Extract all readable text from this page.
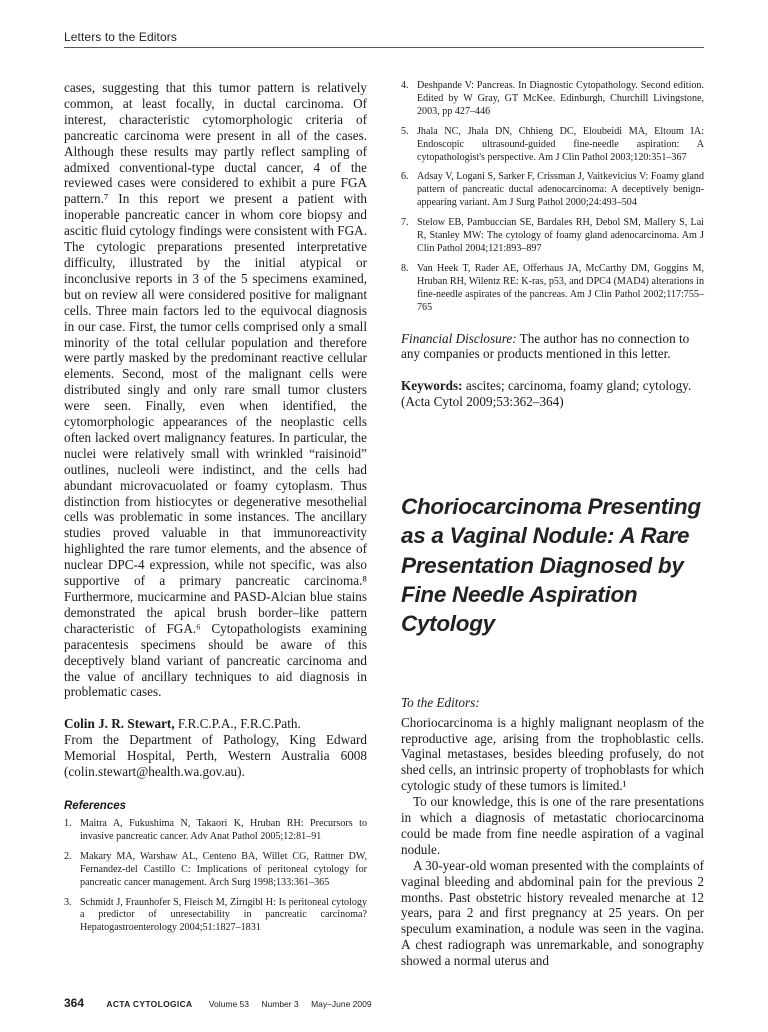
Letters to the Editors

cases, suggesting that this tumor pattern is relatively common, at least focally, in ductal carcinoma. Of interest, characteristic cytomorphologic criteria of pancreatic carcinoma were present in all of the cases. Although these results may partly reflect sampling of admixed conventional-type ductal cancer, 4 of the reviewed cases were considered to exhibit a pure FGA pattern.⁷ In this report we present a patient with inoperable pancreatic cancer in whom core biopsy and ascitic fluid cytology findings were consistent with FGA. The cytologic preparations presented interpretative difficulty, illustrated by the initial atypical or inconclusive reports in 3 of the 5 specimens examined, but on review all were considered positive for malignant cells. Three main factors led to the equivocal diagnosis in our case. First, the tumor cells comprised only a small minority of the total cellular population and therefore were partly masked by the predominant reactive cellular elements. Second, most of the malignant cells were distributed singly and only rare small tumor clusters were seen. Finally, even when identified, the cytomorphologic appearances of the neoplastic cells often lacked overt malignancy features. In particular, the nuclei were relatively small with wrinkled “raisinoid” outlines, nucleoli were indistinct, and the cells had abundant microvacuolated or foamy cytoplasm. Thus distinction from histiocytes or degenerative mesothelial cells was problematic in some instances. The ancillary studies proved valuable in that immunoreactivity highlighted the rare tumor elements, and the absence of nuclear DPC-4 expression, while not specific, was also supportive of a primary pancreatic carcinoma.⁸ Furthermore, mucicarmine and PASD-Alcian blue stains demonstrated the apical brush border–like pattern characteristic of FGA.⁶ Cytopathologists examining paracentesis specimens should be aware of this deceptively bland variant of pancreatic carcinoma and the value of ancillary techniques to aid diagnosis in problematic cases.

Colin J. R. Stewart, F.R.C.P.A., F.R.C.Path.

From the Department of Pathology, King Edward Memorial Hospital, Perth, Western Australia 6008 (colin.stewart@health.wa.gov.au).
References
1. Maitra A, Fukushima N, Takaori K, Hruban RH: Precursors to invasive pancreatic cancer. Adv Anat Pathol 2005;12:81–91
2. Makary MA, Warshaw AL, Centeno BA, Willet CG, Rattner DW, Fernandez-del Castillo C: Implications of peritoneal cytology for pancreatic cancer management. Arch Surg 1998;133:361–365
3. Schmidt J, Fraunhofer S, Fleisch M, Zirngibl H: Is peritoneal cytology a predictor of unresectability in pancreatic carcinoma? Hepatogastroenterology 2004;51:1827–1831
4. Deshpande V: Pancreas. In Diagnostic Cytopathology. Second edition. Edited by W Gray, GT McKee. Edinburgh, Churchill Livingstone, 2003, pp 427–446
5. Jhala NC, Jhala DN, Chhieng DC, Eloubeidi MA, Eltoum IA: Endoscopic ultrasound-guided fine-needle aspiration: A cytopathologist's perspective. Am J Clin Pathol 2003;120:351–367
6. Adsay V, Logani S, Sarker F, Crissman J, Vaitkevicius V: Foamy gland pattern of pancreatic ductal adenocarcinoma: A deceptively benign-appearing variant. Am J Surg Pathol 2000;24:493–504
7. Stelow EB, Pambuccian SE, Bardales RH, Debol SM, Mallery S, Lai R, Stanley MW: The cytology of foamy gland adenocarcinoma. Am J Clin Pathol 2004;121:893–897
8. Van Heek T, Rader AE, Offerhaus JA, McCarthy DM, Goggins M, Hruban RH, Wilentz RE: K-ras, p53, and DPC4 (MAD4) alterations in fine-needle aspirates of the pancreas. Am J Clin Pathol 2002;117:755–765

Financial Disclosure: The author has no connection to any companies or products mentioned in this letter.

Keywords: ascites; carcinoma, foamy gland; cytology. (Acta Cytol 2009;53:362–364)

Choriocarcinoma Presenting as a Vaginal Nodule: A Rare Presentation Diagnosed by Fine Needle Aspiration Cytology

To the Editors:

Choriocarcinoma is a highly malignant neoplasm of the reproductive age, arising from the trophoblastic cells. Vaginal metastases, besides bleeding profusely, do not shed cells, an intrinsic property of trophoblasts for which cytologic study of these tumors is limited.¹

To our knowledge, this is one of the rare presentations in which a diagnosis of metastatic choriocarcinoma could be made from fine needle aspiration of a vaginal nodule.

A 30-year-old woman presented with the complaints of vaginal bleeding and abdominal pain for the previous 2 months. Past obstetric history revealed menarche at 12 years, para 2 and first pregnancy at 25 years. On per speculum examination, a nodule was seen in the vagina. A chest radiograph was unremarkable, and sonography showed a normal uterus and

364	ACTA CYTOLOGICA Volume 53 Number 3 May–June 2009
